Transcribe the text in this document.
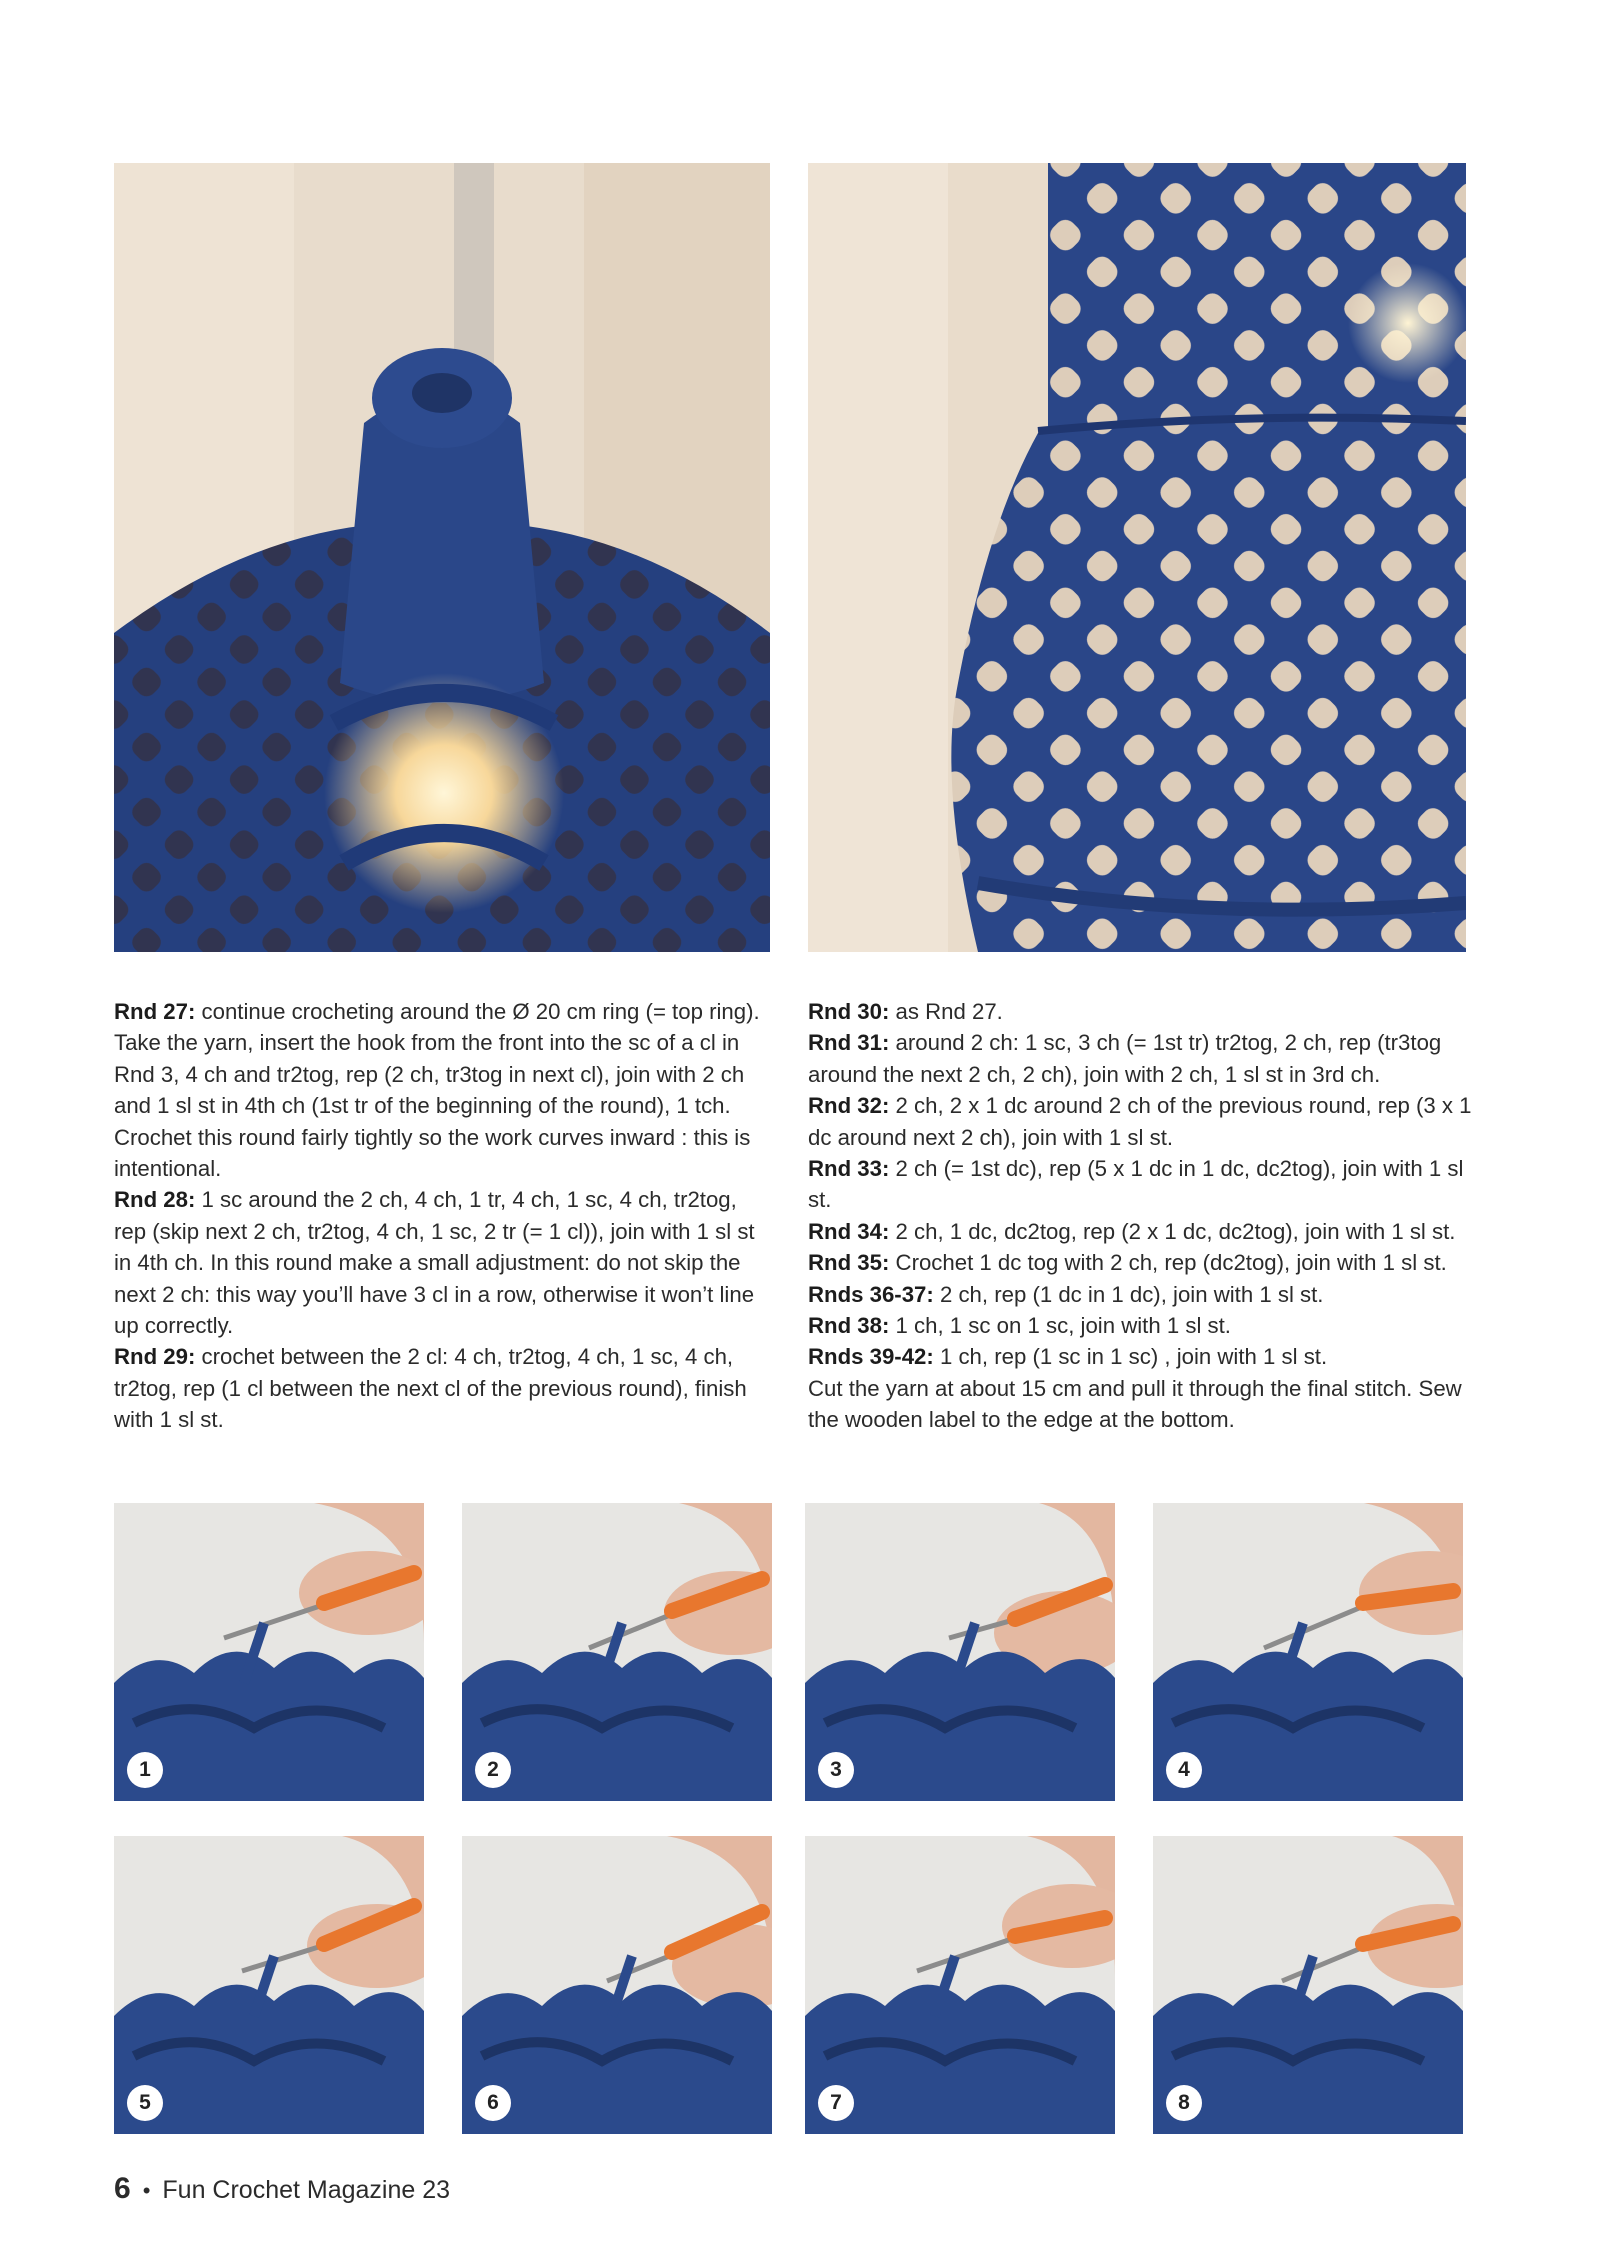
Rnd 27: continue crocheting around the Ø 20 cm ring (= top ring). Take the yarn, insert the hook from the front into the sc of a cl in Rnd 3, 4 ch and tr2tog, rep (2 ch, tr3tog in next cl), join with 2 ch and 1 sl st in 4th ch (1st tr of the beginning of the round), 1 tch. Crochet this round fairly tightly so the work curves inward : this is intentional.

Rnd 28: 1 sc around the 2 ch, 4 ch, 1 tr, 4 ch, 1 sc, 4 ch, tr2tog, rep (skip next 2 ch, tr2tog, 4 ch, 1 sc, 2 tr (= 1 cl)), join with 1 sl st in 4th ch. In this round make a small adjustment: do not skip the next 2 ch: this way you’ll have 3 cl in a row, otherwise it won’t line up correctly.

Rnd 29: crochet between the 2 cl: 4 ch, tr2tog, 4 ch, 1 sc, 4 ch, tr2tog, rep (1 cl between the next cl of the previous round), finish with 1 sl st.

Rnd 30: as Rnd 27.

Rnd 31: around 2 ch: 1 sc, 3 ch (= 1st tr) tr2tog, 2 ch, rep (tr3tog around the next 2 ch, 2 ch), join with 2 ch, 1 sl st in 3rd ch.

Rnd 32: 2 ch, 2 x 1 dc around 2 ch of the previous round, rep (3 x 1 dc around next 2 ch), join with 1 sl st.

Rnd 33: 2 ch (= 1st dc), rep (5 x 1 dc in 1 dc, dc2tog), join with 1 sl st.

Rnd 34: 2 ch, 1 dc, dc2tog, rep (2 x 1 dc, dc2tog), join with 1 sl st.

Rnd 35: Crochet 1 dc tog with 2 ch, rep (dc2tog), join with 1 sl st.

Rnds 36-37: 2 ch, rep (1 dc in 1 dc), join with 1 sl st.

Rnd 38: 1 ch, 1 sc on 1 sc, join with 1 sl st.

Rnds 39-42: 1 ch, rep (1 sc in 1 sc) , join with 1 sl st.

Cut the yarn at about 15 cm and pull it through the final stitch. Sew the wooden label to the edge at the bottom.

1	2	3	4
5	6	7	8
6 • Fun Crochet Magazine 23
